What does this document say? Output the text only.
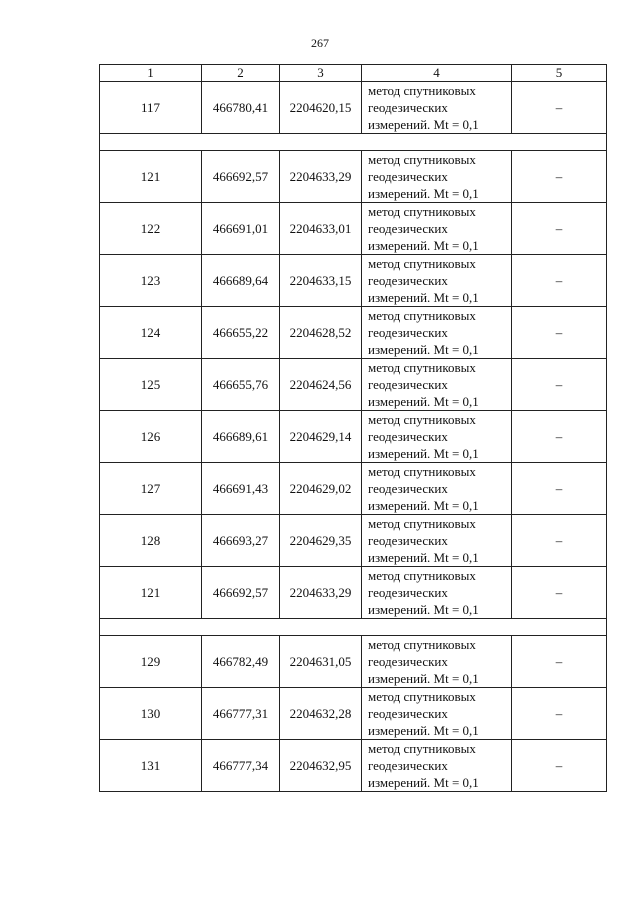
267
1	2	3	4	5
117	466780,41	2204620,15	метод спутниковых
геодезических
измерений. Mt = 0,1	–

121	466692,57	2204633,29	метод спутниковых
геодезических
измерений. Mt = 0,1	–
122	466691,01	2204633,01	метод спутниковых
геодезических
измерений. Mt = 0,1	–
123	466689,64	2204633,15	метод спутниковых
геодезических
измерений. Mt = 0,1	–
124	466655,22	2204628,52	метод спутниковых
геодезических
измерений. Mt = 0,1	–
125	466655,76	2204624,56	метод спутниковых
геодезических
измерений. Mt = 0,1	–
126	466689,61	2204629,14	метод спутниковых
геодезических
измерений. Mt = 0,1	–
127	466691,43	2204629,02	метод спутниковых
геодезических
измерений. Mt = 0,1	–
128	466693,27	2204629,35	метод спутниковых
геодезических
измерений. Mt = 0,1	–
121	466692,57	2204633,29	метод спутниковых
геодезических
измерений. Mt = 0,1	–

129	466782,49	2204631,05	метод спутниковых
геодезических
измерений. Mt = 0,1	–
130	466777,31	2204632,28	метод спутниковых
геодезических
измерений. Mt = 0,1	–
131	466777,34	2204632,95	метод спутниковых
геодезических
измерений. Mt = 0,1	–
